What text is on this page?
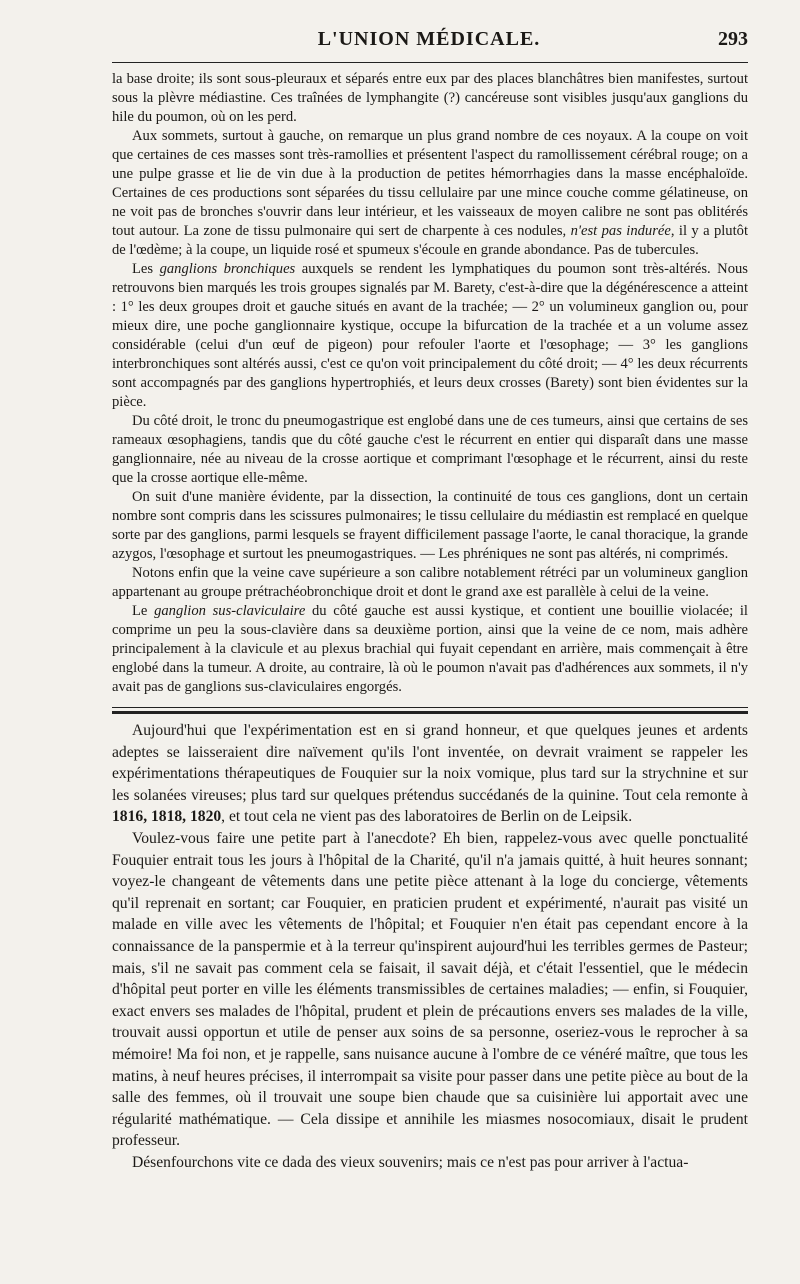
L'UNION MÉDICALE.	293

la base droite; ils sont sous-pleuraux et séparés entre eux par des places blanchâtres bien manifestes, surtout sous la plèvre médiastine. Ces traînées de lymphangite (?) cancéreuse sont visibles jusqu'aux ganglions du hile du poumon, où on les perd.

Aux sommets, surtout à gauche, on remarque un plus grand nombre de ces noyaux. A la coupe on voit que certaines de ces masses sont très-ramollies et présentent l'aspect du ramollissement cérébral rouge; on a une pulpe grasse et lie de vin due à la production de petites hémorrhagies dans la masse encéphaloïde. Certaines de ces productions sont séparées du tissu cellulaire par une mince couche comme gélatineuse, on ne voit pas de bronches s'ouvrir dans leur intérieur, et les vaisseaux de moyen calibre ne sont pas oblitérés tout autour. La zone de tissu pulmonaire qui sert de charpente à ces nodules, n'est pas indurée, il y a plutôt de l'œdème; à la coupe, un liquide rosé et spumeux s'écoule en grande abondance. Pas de tubercules.

Les ganglions bronchiques auxquels se rendent les lymphatiques du poumon sont très-altérés. Nous retrouvons bien marqués les trois groupes signalés par M. Barety, c'est-à-dire que la dégénérescence a atteint : 1° les deux groupes droit et gauche situés en avant de la trachée; — 2° un volumineux ganglion ou, pour mieux dire, une poche ganglionnaire kystique, occupe la bifurcation de la trachée et a un volume assez considérable (celui d'un œuf de pigeon) pour refouler l'aorte et l'œsophage; — 3° les ganglions interbronchiques sont altérés aussi, c'est ce qu'on voit principalement du côté droit; — 4° les deux récurrents sont accompagnés par des ganglions hypertrophiés, et leurs deux crosses (Barety) sont bien évidentes sur la pièce.

Du côté droit, le tronc du pneumogastrique est englobé dans une de ces tumeurs, ainsi que certains de ses rameaux œsophagiens, tandis que du côté gauche c'est le récurrent en entier qui disparaît dans une masse ganglionnaire, née au niveau de la crosse aortique et comprimant l'œsophage et le récurrent, ainsi du reste que la crosse aortique elle-même.

On suit d'une manière évidente, par la dissection, la continuité de tous ces ganglions, dont un certain nombre sont compris dans les scissures pulmonaires; le tissu cellulaire du médiastin est remplacé en quelque sorte par des ganglions, parmi lesquels se frayent difficilement passage l'aorte, le canal thoracique, la grande azygos, l'œsophage et surtout les pneumogastriques. — Les phréniques ne sont pas altérés, ni comprimés.

Notons enfin que la veine cave supérieure a son calibre notablement rétréci par un volumineux ganglion appartenant au groupe prétrachéobronchique droit et dont le grand axe est parallèle à celui de la veine.

Le ganglion sus-claviculaire du côté gauche est aussi kystique, et contient une bouillie violacée; il comprime un peu la sous-clavière dans sa deuxième portion, ainsi que la veine de ce nom, mais adhère principalement à la clavicule et au plexus brachial qui fuyait cependant en arrière, mais commençait à être englobé dans la tumeur. A droite, au contraire, là où le poumon n'avait pas d'adhérences aux sommets, il n'y avait pas de ganglions sus-claviculaires engorgés.

Aujourd'hui que l'expérimentation est en si grand honneur, et que quelques jeunes et ardents adeptes se laisseraient dire naïvement qu'ils l'ont inventée, on devrait vraiment se rappeler les expérimentations thérapeutiques de Fouquier sur la noix vomique, plus tard sur la strychnine et sur les solanées vireuses; plus tard sur quelques prétendus succédanés de la quinine. Tout cela remonte à 1816, 1818, 1820, et tout cela ne vient pas des laboratoires de Berlin on de Leipsik.

Voulez-vous faire une petite part à l'anecdote? Eh bien, rappelez-vous avec quelle ponctualité Fouquier entrait tous les jours à l'hôpital de la Charité, qu'il n'a jamais quitté, à huit heures sonnant; voyez-le changeant de vêtements dans une petite pièce attenant à la loge du concierge, vêtements qu'il reprenait en sortant; car Fouquier, en praticien prudent et expérimenté, n'aurait pas visité un malade en ville avec les vêtements de l'hôpital; et Fouquier n'en était pas cependant encore à la connaissance de la panspermie et à la terreur qu'inspirent aujourd'hui les terribles germes de Pasteur; mais, s'il ne savait pas comment cela se faisait, il savait déjà, et c'était l'essentiel, que le médecin d'hôpital peut porter en ville les éléments transmissibles de certaines maladies; — enfin, si Fouquier, exact envers ses malades de l'hôpital, prudent et plein de précautions envers ses malades de la ville, trouvait aussi opportun et utile de penser aux soins de sa personne, oseriez-vous le reprocher à sa mémoire! Ma foi non, et je rappelle, sans nuisance aucune à l'ombre de ce vénéré maître, que tous les matins, à neuf heures précises, il interrompait sa visite pour passer dans une petite pièce au bout de la salle des femmes, où il trouvait une soupe bien chaude que sa cuisinière lui apportait avec une régularité mathématique. — Cela dissipe et annihile les miasmes nosocomiaux, disait le prudent professeur.

Désenfourchons vite ce dada des vieux souvenirs; mais ce n'est pas pour arriver à l'actua-
